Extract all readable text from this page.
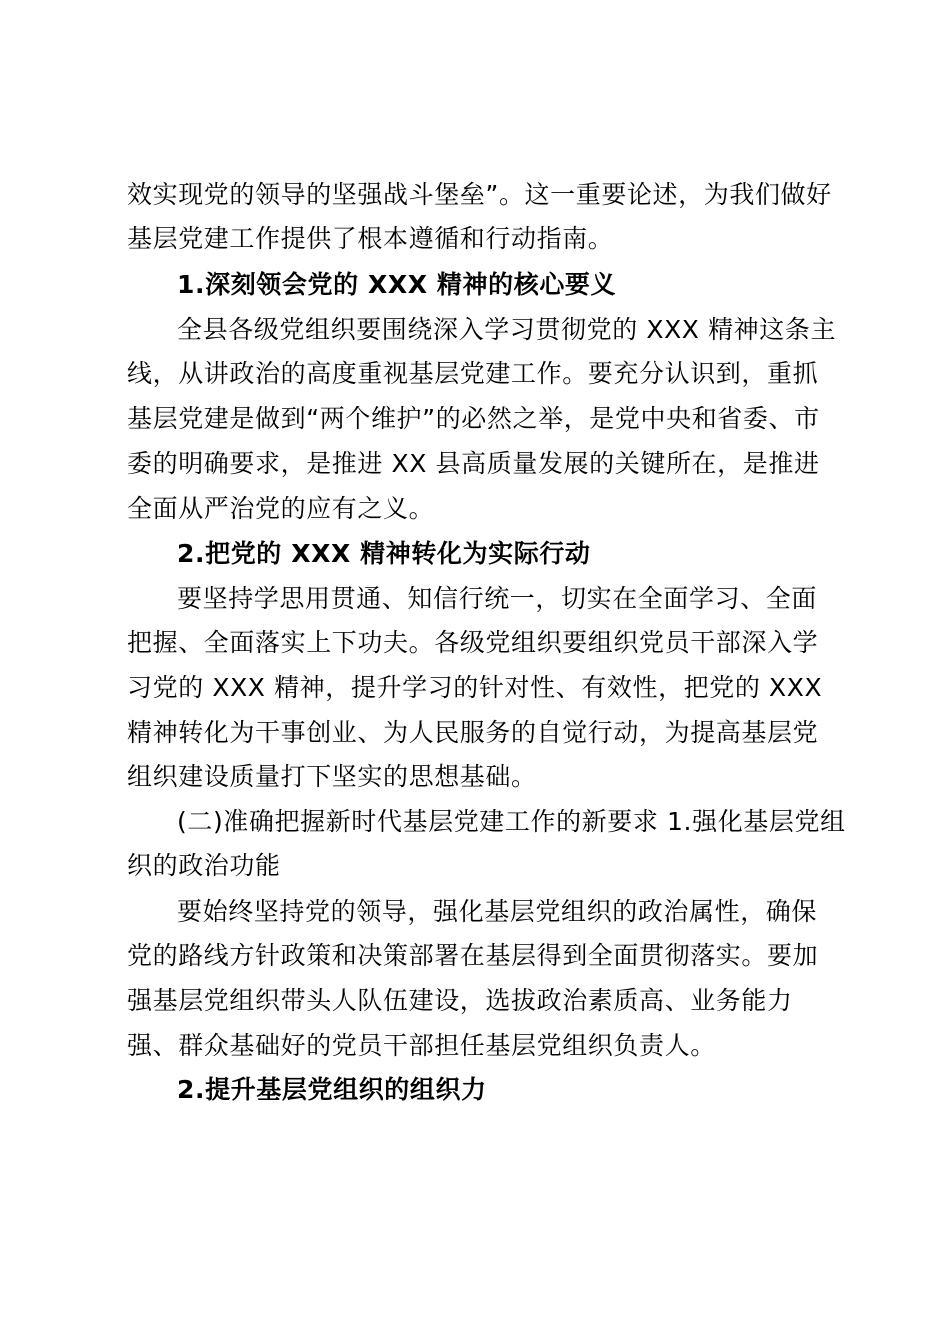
效实现党的领导的坚强战斗堡垒”。这一重要论述，为我们做好
基层党建工作提供了根本遵循和行动指南。
1.深刻领会党的 XXX 精神的核心要义
全县各级党组织要围绕深入学习贯彻党的 XXX 精神这条主
线，从讲政治的高度重视基层党建工作。要充分认识到，重抓
基层党建是做到“两个维护”的必然之举，是党中央和省委、市
委的明确要求，是推进 XX 县高质量发展的关键所在，是推进
全面从严治党的应有之义。
2.把党的 XXX 精神转化为实际行动
要坚持学思用贯通、知信行统一，切实在全面学习、全面
把握、全面落实上下功夫。各级党组织要组织党员干部深入学
习党的 XXX 精神，提升学习的针对性、有效性，把党的 XXX
精神转化为干事创业、为人民服务的自觉行动，为提高基层党
组织建设质量打下坚实的思想基础。
(二)准确把握新时代基层党建工作的新要求 1.强化基层党组
织的政治功能
要始终坚持党的领导，强化基层党组织的政治属性，确保
党的路线方针政策和决策部署在基层得到全面贯彻落实。要加
强基层党组织带头人队伍建设，选拔政治素质高、业务能力
强、群众基础好的党员干部担任基层党组织负责人。
2.提升基层党组织的组织力
